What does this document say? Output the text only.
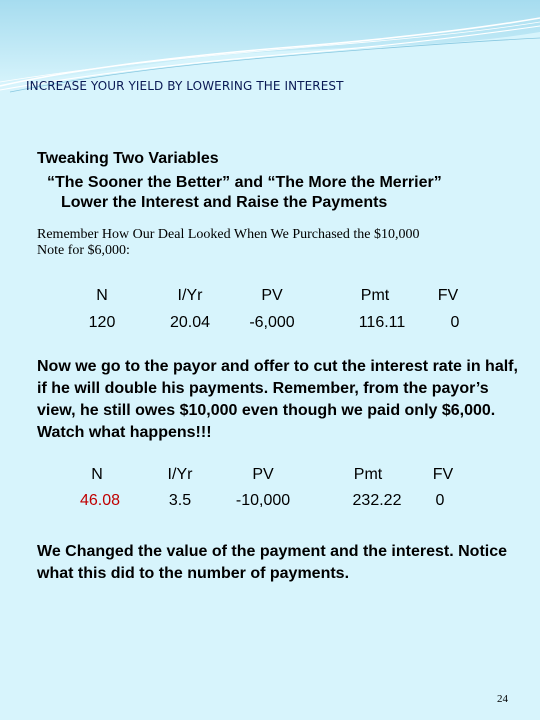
INCREASE YOUR YIELD BY LOWERING THE INTEREST
Tweaking Two Variables
“The Sooner the Better” and “The More the Merrier”
Lower the Interest and Raise the Payments
Remember How Our Deal Looked When We Purchased the $10,000
Note for $6,000:
N	I/Yr	PV	Pmt	FV
120	20.04 -6,000	116.11	0
Now we go to the payor and offer to cut the interest rate in half, if he will double his payments. Remember, from the payor’s view, he still owes $10,000 even though we paid only $6,000. Watch what happens!!!
N	I/Yr	PV	Pmt	FV
46.08	3.5	-10,000	232.22 0
We Changed the value of the payment and the interest. Notice what this did to the number of payments.
24
